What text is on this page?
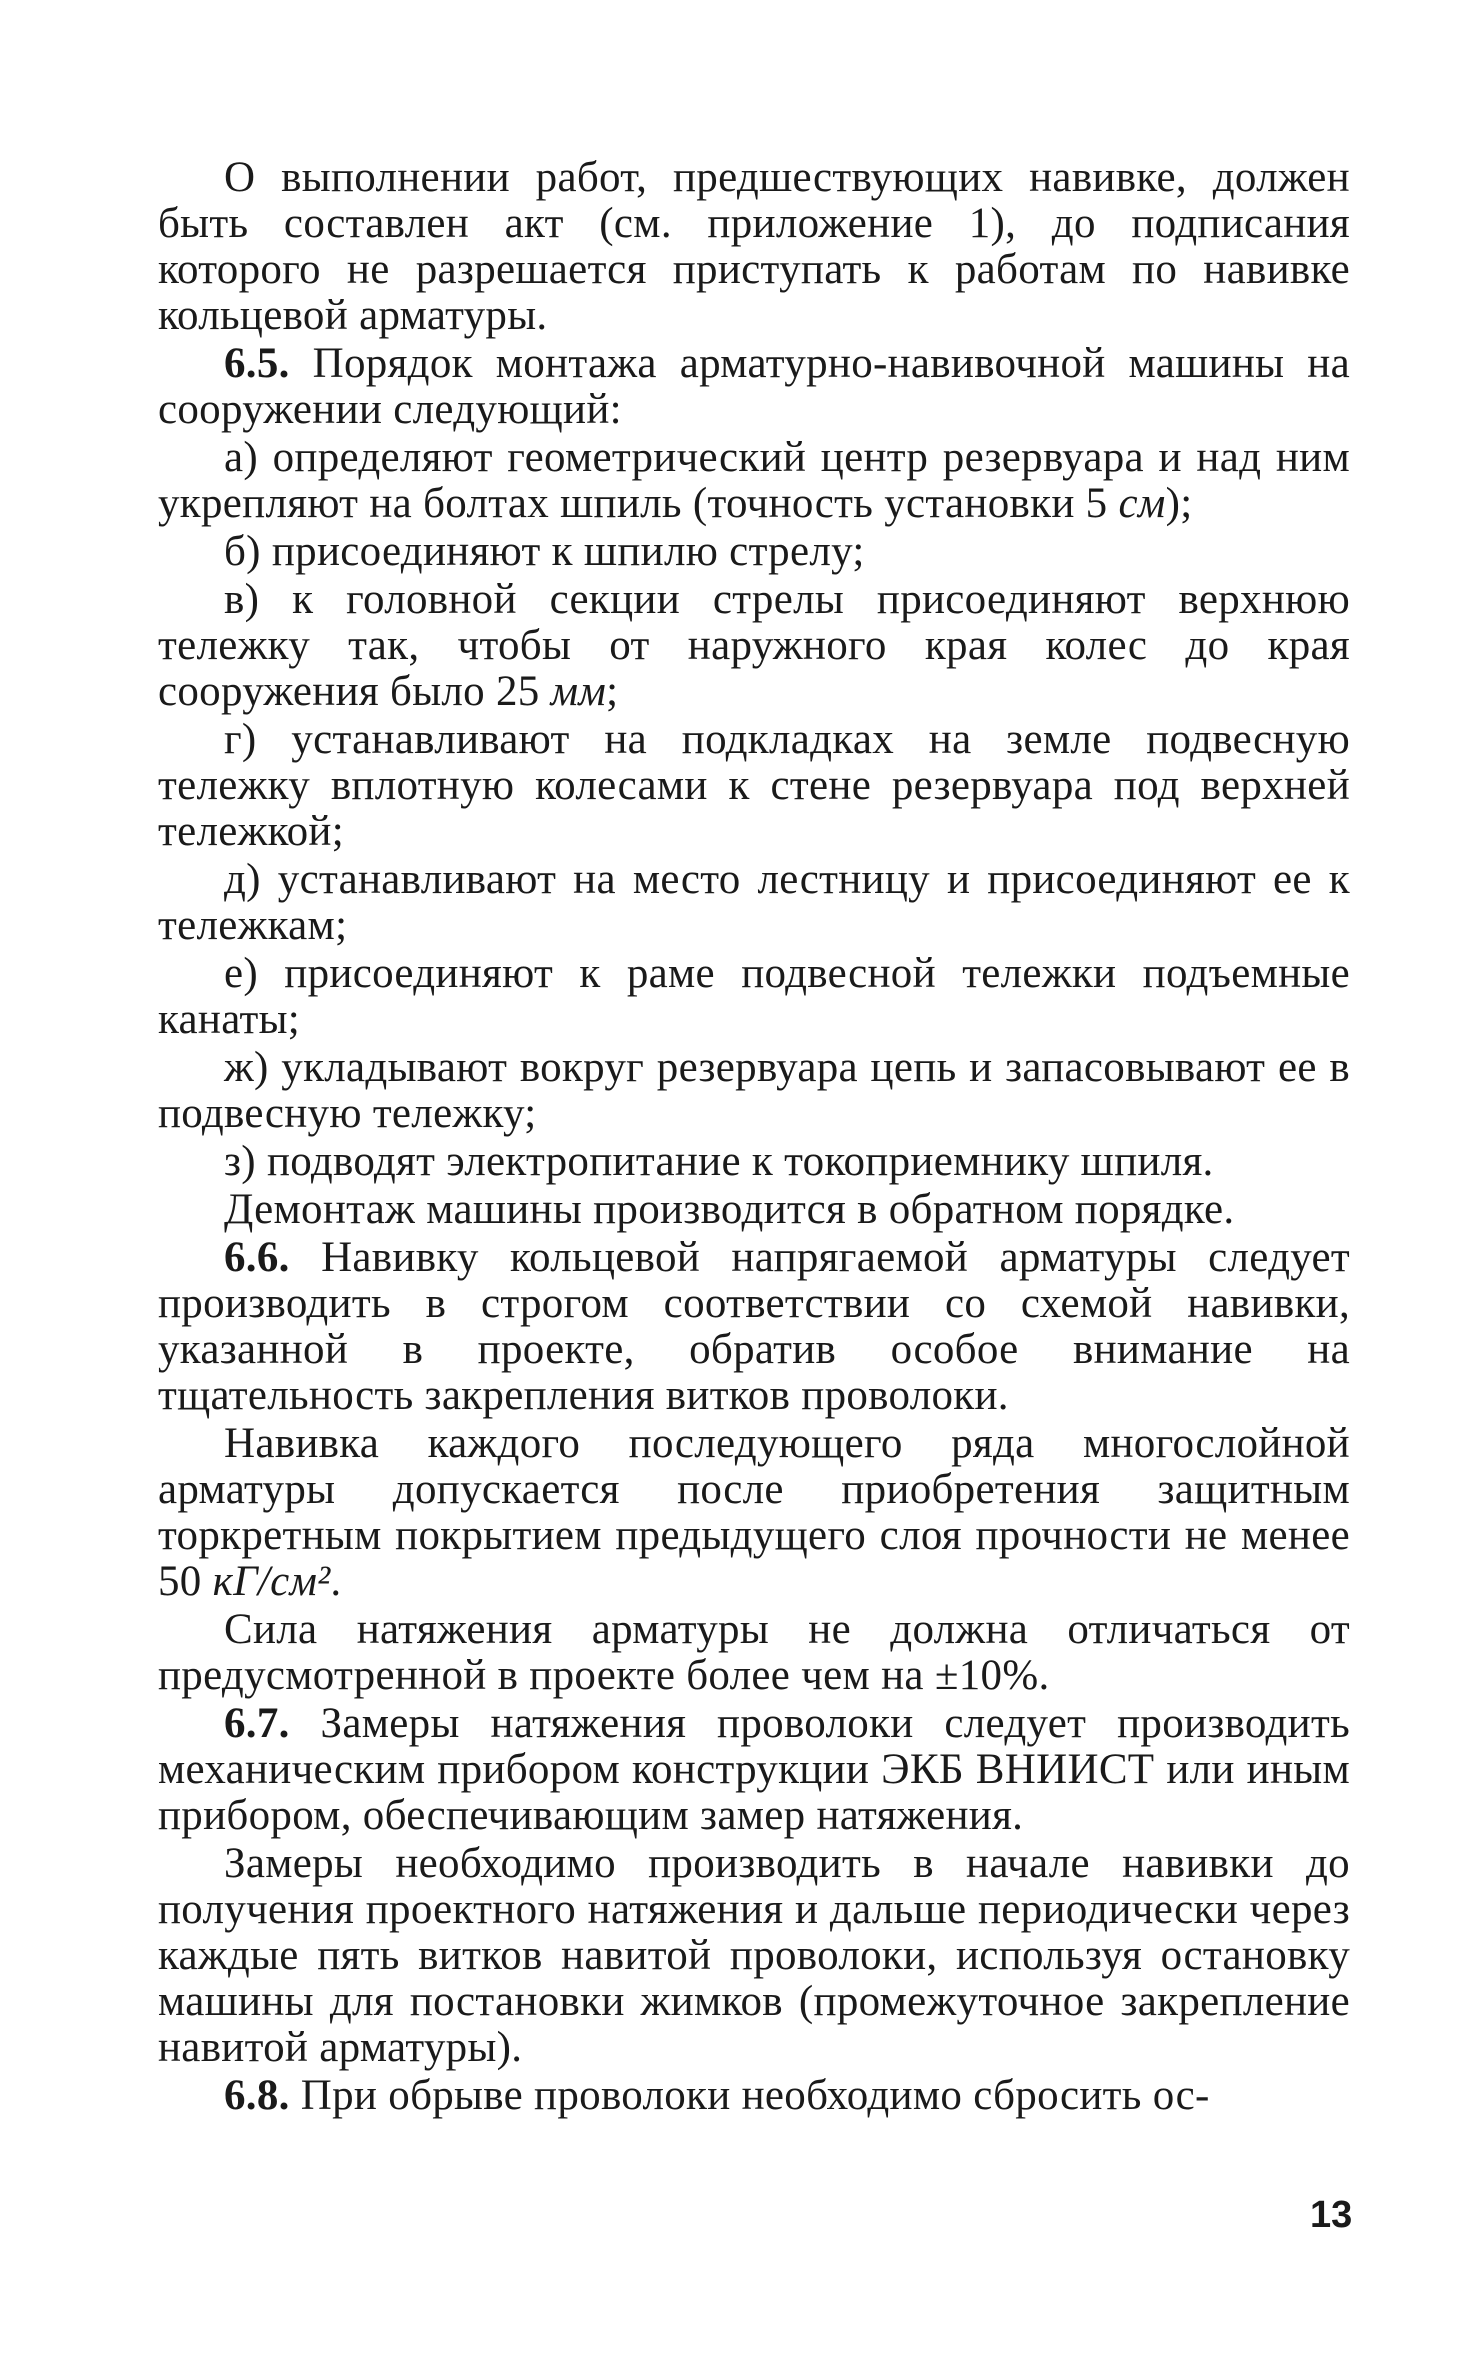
О выполнении работ, предшествующих навивке, должен быть составлен акт (см. приложение 1), до подписания которого не разрешается приступать к работам по навивке кольцевой арматуры.

6.5. Порядок монтажа арматурно-навивочной машины на сооружении следующий:

а) определяют геометрический центр резервуара и над ним укрепляют на болтах шпиль (точность установки 5 см);

б) присоединяют к шпилю стрелу;

в) к головной секции стрелы присоединяют верхнюю тележку так, чтобы от наружного края колес до края сооружения было 25 мм;

г) устанавливают на подкладках на земле подвесную тележку вплотную колесами к стене резервуара под верхней тележкой;

д) устанавливают на место лестницу и присоединяют ее к тележкам;

е) присоединяют к раме подвесной тележки подъемные канаты;

ж) укладывают вокруг резервуара цепь и запасовывают ее в подвесную тележку;

з) подводят электропитание к токоприемнику шпиля.

Демонтаж машины производится в обратном порядке.

6.6. Навивку кольцевой напрягаемой арматуры следует производить в строгом соответствии со схемой навивки, указанной в проекте, обратив особое внимание на тщательность закрепления витков проволоки.

Навивка каждого последующего ряда многослойной арматуры допускается после приобретения защитным торкретным покрытием предыдущего слоя прочности не менее 50 кГ/см².

Сила натяжения арматуры не должна отличаться от предусмотренной в проекте более чем на ±10%.

6.7. Замеры натяжения проволоки следует производить механическим прибором конструкции ЭКБ ВНИИСТ или иным прибором, обеспечивающим замер натяжения.

Замеры необходимо производить в начале навивки до получения проектного натяжения и дальше периодически через каждые пять витков навитой проволоки, используя остановку машины для постановки жимков (промежуточное закрепление навитой арматуры).

6.8. При обрыве проволоки необходимо сбросить ос-

13
